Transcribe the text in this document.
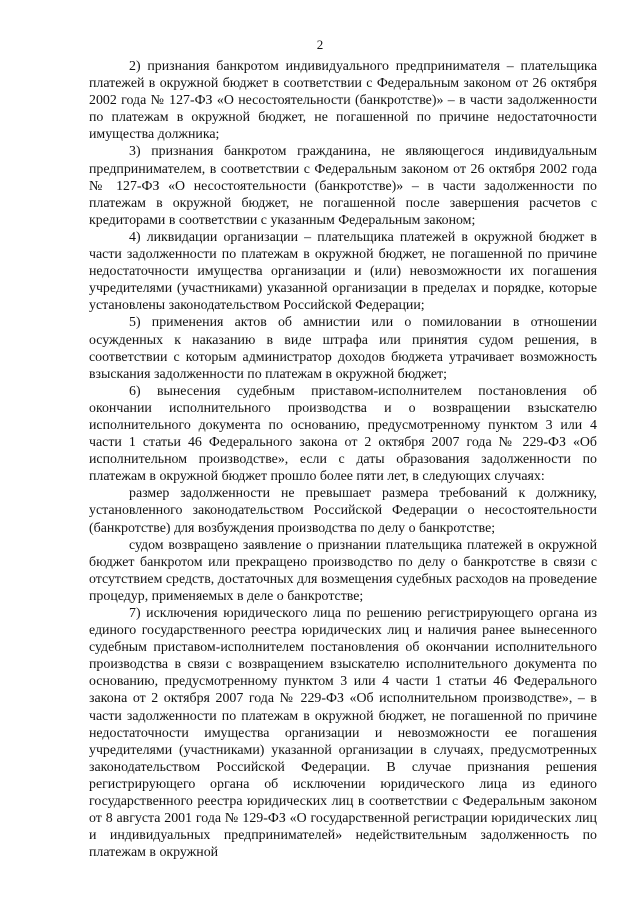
2

2) признания банкротом индивидуального предпринимателя – плательщика платежей в окружной бюджет в соответствии с Федеральным законом от 26 октября 2002 года № 127-ФЗ «О несостоятельности (банкротстве)» – в части задолженности по платежам в окружной бюджет, не погашенной по причине недостаточности имущества должника;

3) признания банкротом гражданина, не являющегося индивидуальным предпринимателем, в соответствии с Федеральным законом от 26 октября 2002 года № 127-ФЗ «О несостоятельности (банкротстве)» – в части задолженности по платежам в окружной бюджет, не погашенной после завершения расчетов с кредиторами в соответствии с указанным Федеральным законом;

4) ликвидации организации – плательщика платежей в окружной бюджет в части задолженности по платежам в окружной бюджет, не погашенной по причине недостаточности имущества организации и (или) невозможности их погашения учредителями (участниками) указанной организации в пределах и порядке, которые установлены законодательством Российской Федерации;

5) применения актов об амнистии или о помиловании в отношении осужденных к наказанию в виде штрафа или принятия судом решения, в соответствии с которым администратор доходов бюджета утрачивает возможность взыскания задолженности по платежам в окружной бюджет;

6) вынесения судебным приставом-исполнителем постановления об окончании исполнительного производства и о возвращении взыскателю исполнительного документа по основанию, предусмотренному пунктом 3 или 4 части 1 статьи 46 Федерального закона от 2 октября 2007 года № 229-ФЗ «Об исполнительном производстве», если с даты образования задолженности по платежам в окружной бюджет прошло более пяти лет, в следующих случаях:

размер задолженности не превышает размера требований к должнику, установленного законодательством Российской Федерации о несостоятельности (банкротстве) для возбуждения производства по делу о банкротстве;

судом возвращено заявление о признании плательщика платежей в окружной бюджет банкротом или прекращено производство по делу о банкротстве в связи с отсутствием средств, достаточных для возмещения судебных расходов на проведение процедур, применяемых в деле о банкротстве;

7) исключения юридического лица по решению регистрирующего органа из единого государственного реестра юридических лиц и наличия ранее вынесенного судебным приставом-исполнителем постановления об окончании исполнительного производства в связи с возвращением взыскателю исполнительного документа по основанию, предусмотренному пунктом 3 или 4 части 1 статьи 46 Федерального закона от 2 октября 2007 года № 229-ФЗ «Об исполнительном производстве», – в части задолженности по платежам в окружной бюджет, не погашенной по причине недостаточности имущества организации и невозможности ее погашения учредителями (участниками) указанной организации в случаях, предусмотренных законодательством Российской Федерации. В случае признания решения регистрирующего органа об исключении юридического лица из единого государственного реестра юридических лиц в соответствии с Федеральным законом от 8 августа 2001 года № 129-ФЗ «О государственной регистрации юридических лиц и индивидуальных предпринимателей» недействительным задолженность по платежам в окружной
